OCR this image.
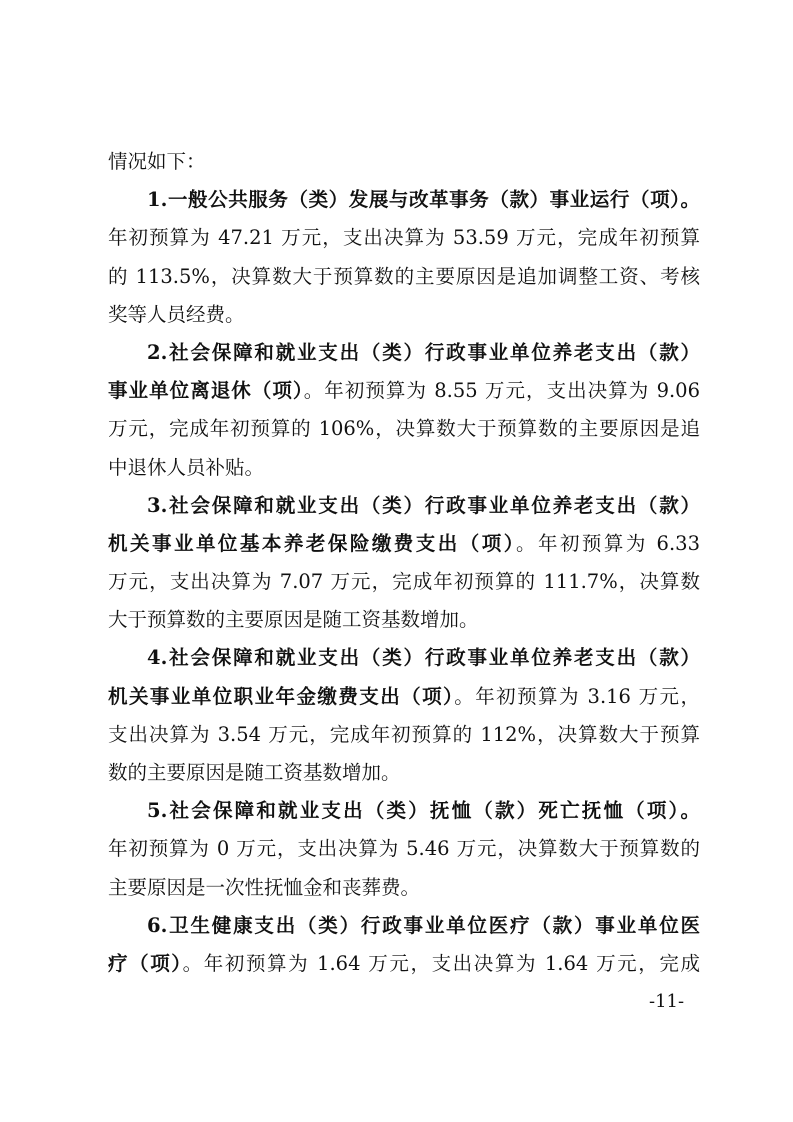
情况如下：
1.一般公共服务（类）发展与改革事务（款）事业运行（项）。
年初预算为 47.21 万元，支出决算为 53.59 万元，完成年初预算
的 113.5%，决算数大于预算数的主要原因是追加调整工资、考核
奖等人员经费。
2.社会保障和就业支出（类）行政事业单位养老支出（款）
事业单位离退休（项）。年初预算为 8.55 万元，支出决算为 9.06
万元，完成年初预算的 106%，决算数大于预算数的主要原因是追
中退休人员补贴。
3.社会保障和就业支出（类）行政事业单位养老支出（款）
机关事业单位基本养老保险缴费支出（项）。年初预算为 6.33
万元，支出决算为 7.07 万元，完成年初预算的 111.7%，决算数
大于预算数的主要原因是随工资基数增加。
4.社会保障和就业支出（类）行政事业单位养老支出（款）
机关事业单位职业年金缴费支出（项）。年初预算为 3.16 万元，
支出决算为 3.54 万元，完成年初预算的 112%，决算数大于预算
数的主要原因是随工资基数增加。
5.社会保障和就业支出（类）抚恤（款）死亡抚恤（项）。
年初预算为 0 万元，支出决算为 5.46 万元，决算数大于预算数的
主要原因是一次性抚恤金和丧葬费。
6.卫生健康支出（类）行政事业单位医疗（款）事业单位医
疗（项）。年初预算为 1.64 万元，支出决算为 1.64 万元，完成
-11-
